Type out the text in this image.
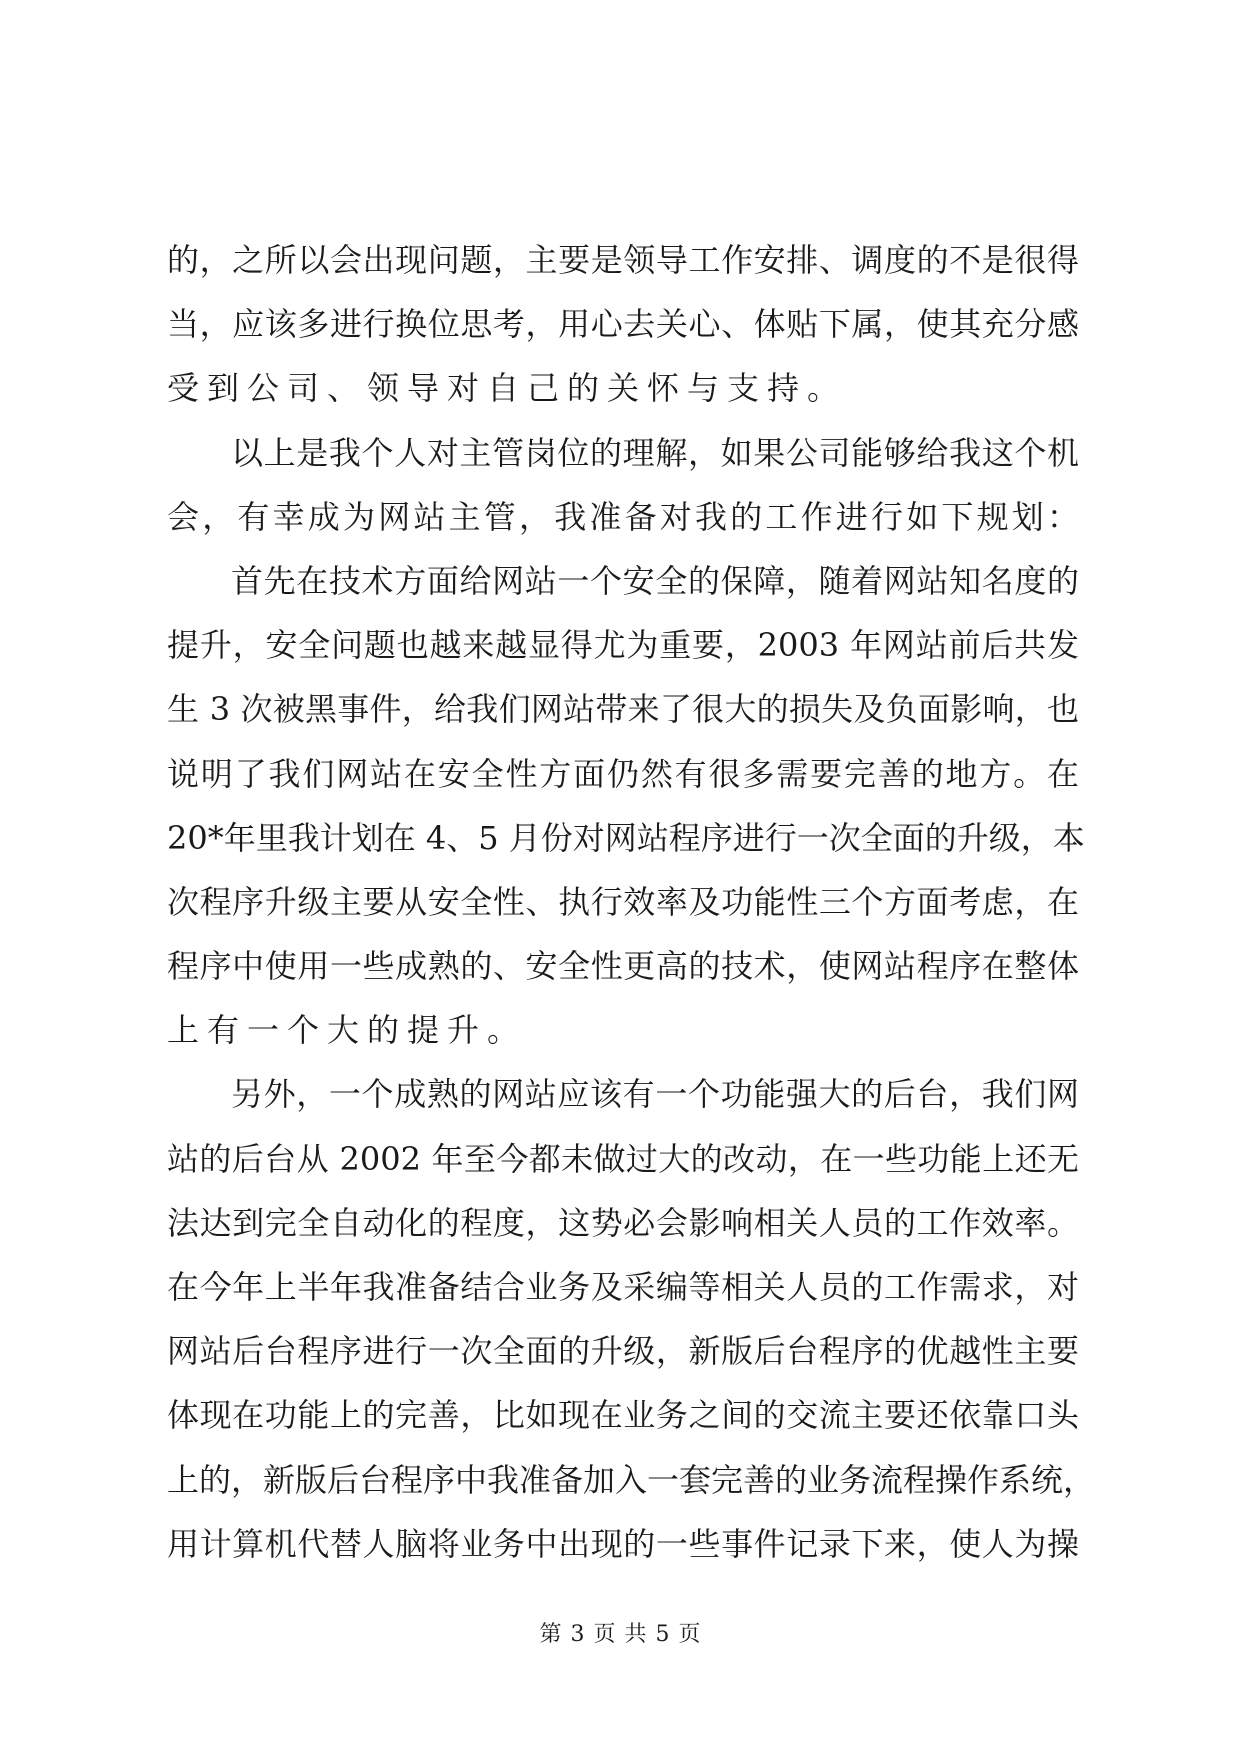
的，之所以会出现问题，主要是领导工作安排、调度的不是很得
当，应该多进行换位思考，用心去关心、体贴下属，使其充分感
受到公司、领导对自己的关怀与支持。
以上是我个人对主管岗位的理解，如果公司能够给我这个机
会，有幸成为网站主管，我准备对我的工作进行如下规划：
首先在技术方面给网站一个安全的保障，随着网站知名度的
提升，安全问题也越来越显得尤为重要，2003 年网站前后共发
生 3 次被黑事件，给我们网站带来了很大的损失及负面影响，也
说明了我们网站在安全性方面仍然有很多需要完善的地方。在
20*年里我计划在 4、5 月份对网站程序进行一次全面的升级，本
次程序升级主要从安全性、执行效率及功能性三个方面考虑，在
程序中使用一些成熟的、安全性更高的技术，使网站程序在整体
上有一个大的提升。
另外，一个成熟的网站应该有一个功能强大的后台，我们网
站的后台从 2002 年至今都未做过大的改动，在一些功能上还无
法达到完全自动化的程度，这势必会影响相关人员的工作效率。
在今年上半年我准备结合业务及采编等相关人员的工作需求，对
网站后台程序进行一次全面的升级，新版后台程序的优越性主要
体现在功能上的完善，比如现在业务之间的交流主要还依靠口头
上的，新版后台程序中我准备加入一套完善的业务流程操作系统，
用计算机代替人脑将业务中出现的一些事件记录下来，使人为操
第 3 页 共 5 页
